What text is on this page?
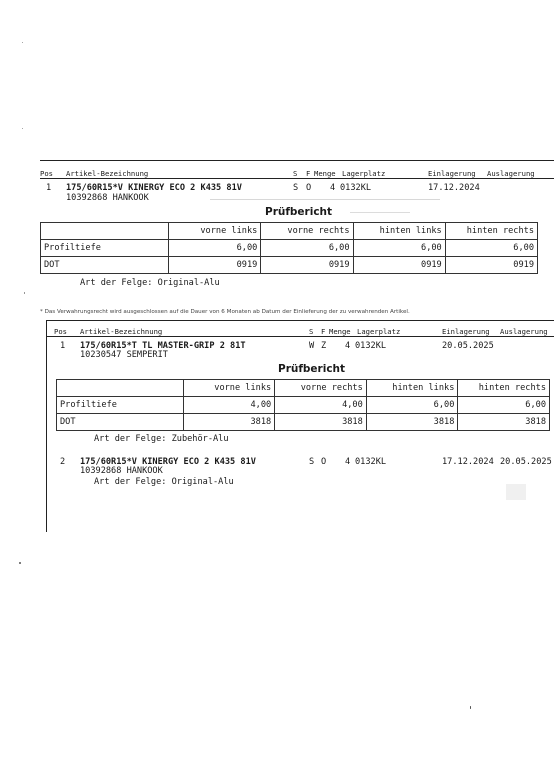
Pos Artikel-Bezeichnung	S F Menge Lagerplatz	Einlagerung Auslagerung
1 175/60R15*V KINERGY ECO 2 K435 81V
10392868 HANKOOK
S O 4 0132KL	17.12.2024
Prüfbericht
	vorne links	vorne rechts	hinten links	hinten rechts
Profiltiefe	6,00	6,00	6,00	6,00
DOT	0919	0919	0919	0919
Art der Felge: Original-Alu
* Das Verwahrungsrecht wird ausgeschlossen auf die Dauer von 6 Monaten ab Datum der Einlieferung der zu verwahrenden Artikel.
Pos Artikel-Bezeichnung	S F Menge Lagerplatz	Einlagerung Auslagerung
1 175/60R15*T TL MASTER-GRIP 2 81T
10230547 SEMPERIT
W Z 4 0132KL	20.05.2025
Prüfbericht
	vorne links	vorne rechts	hinten links	hinten rechts
Profiltiefe	4,00	4,00	6,00	6,00
DOT	3818	3818	3818	3818
Art der Felge: Zubehör-Alu
2 175/60R15*V KINERGY ECO 2 K435 81V
10392868 HANKOOK
S O 4 0132KL	17.12.2024 20.05.2025
Art der Felge: Original-Alu
